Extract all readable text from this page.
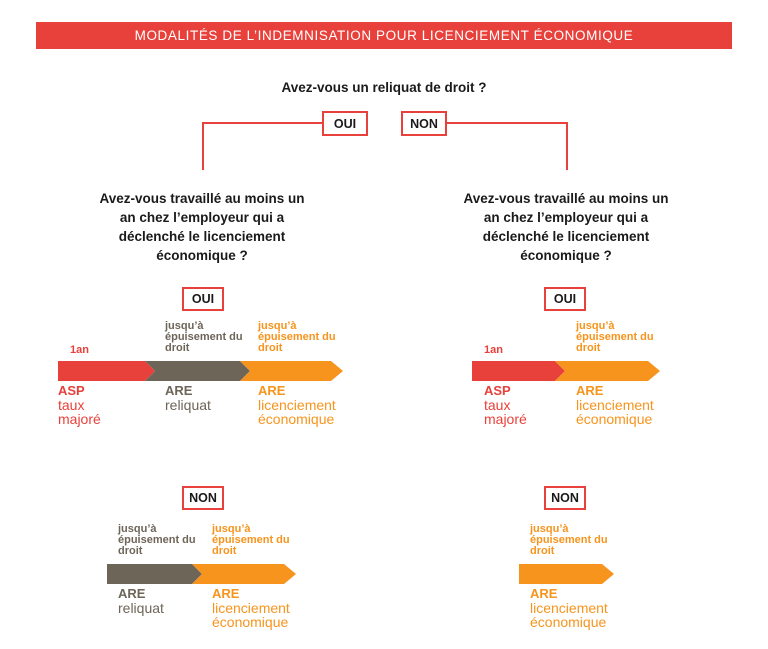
MODALITÉS DE L’INDEMNISATION POUR LICENCIEMENT ÉCONOMIQUE
Avez-vous un reliquat de droit ?
OUI	NON
Avez-vous travaillé au moins un an chez l’employeur qui a déclenché le licenciement économique ?
Avez-vous travaillé au moins un an chez l’employeur qui a déclenché le licenciement économique ?
OUI	OUI
NON	NON
1an
jusqu’à épuisement du droit
jusqu’à épuisement du droit
ASP
taux majoré
ARE
reliquat
ARE
licenciement économique
1an
jusqu’à épuisement du droit
ASP
taux majoré
ARE
licenciement économique
jusqu’à épuisement du droit
jusqu’à épuisement du droit
ARE
reliquat
ARE
licenciement économique
jusqu’à épuisement du droit
ARE
licenciement économique
